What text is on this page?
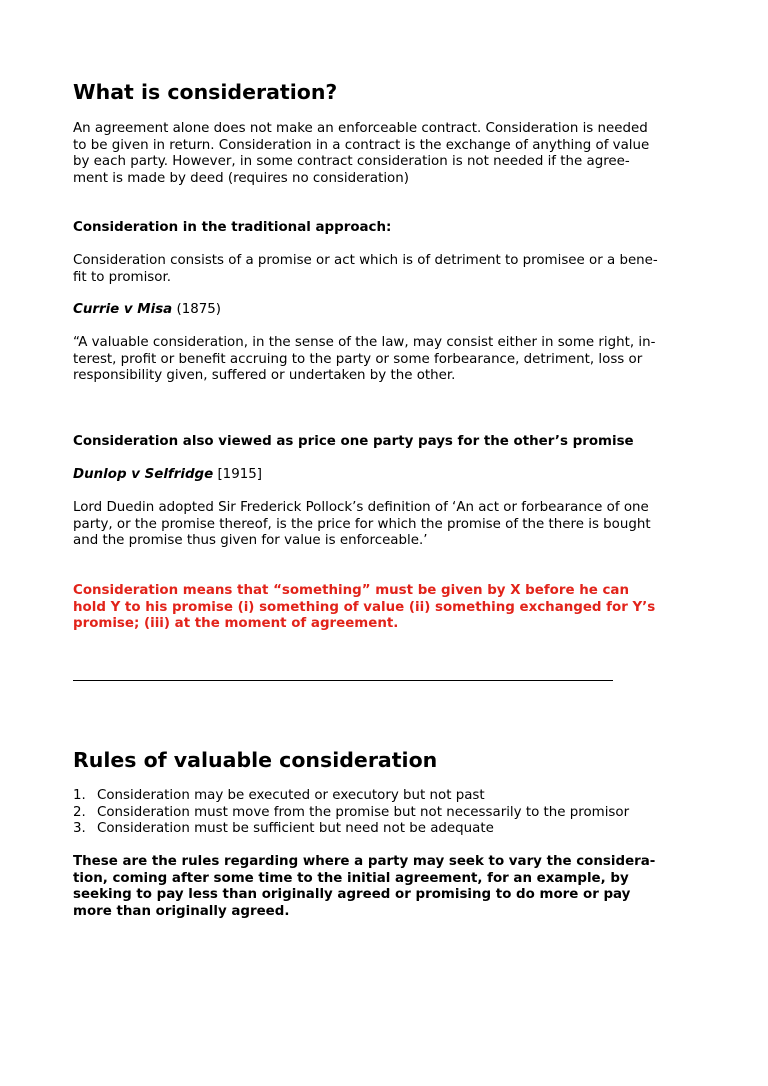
What is consideration?
An agreement alone does not make an enforceable contract. Consideration is needed
to be given in return. Consideration in a contract is the exchange of anything of value
by each party. However, in some contract consideration is not needed if the agree-
ment is made by deed (requires no consideration)
Consideration in the traditional approach:
Consideration consists of a promise or act which is of detriment to promisee or a bene-
fit to promisor.
Currie v Misa (1875)
“A valuable consideration, in the sense of the law, may consist either in some right, in-
terest, profit or benefit accruing to the party or some forbearance, detriment, loss or
responsibility given, suffered or undertaken by the other.
Consideration also viewed as price one party pays for the other’s promise
Dunlop v Selfridge [1915]
Lord Duedin adopted Sir Frederick Pollock’s definition of ‘An act or forbearance of one
party, or the promise thereof, is the price for which the promise of the there is bought
and the promise thus given for value is enforceable.’
Consideration means that “something” must be given by X before he can
hold Y to his promise (i) something of value (ii) something exchanged for Y’s
promise; (iii) at the moment of agreement.
Rules of valuable consideration
1. Consideration may be executed or executory but not past
2. Consideration must move from the promise but not necessarily to the promisor
3. Consideration must be sufficient but need not be adequate
These are the rules regarding where a party may seek to vary the considera-
tion, coming after some time to the initial agreement, for an example, by
seeking to pay less than originally agreed or promising to do more or pay
more than originally agreed.
